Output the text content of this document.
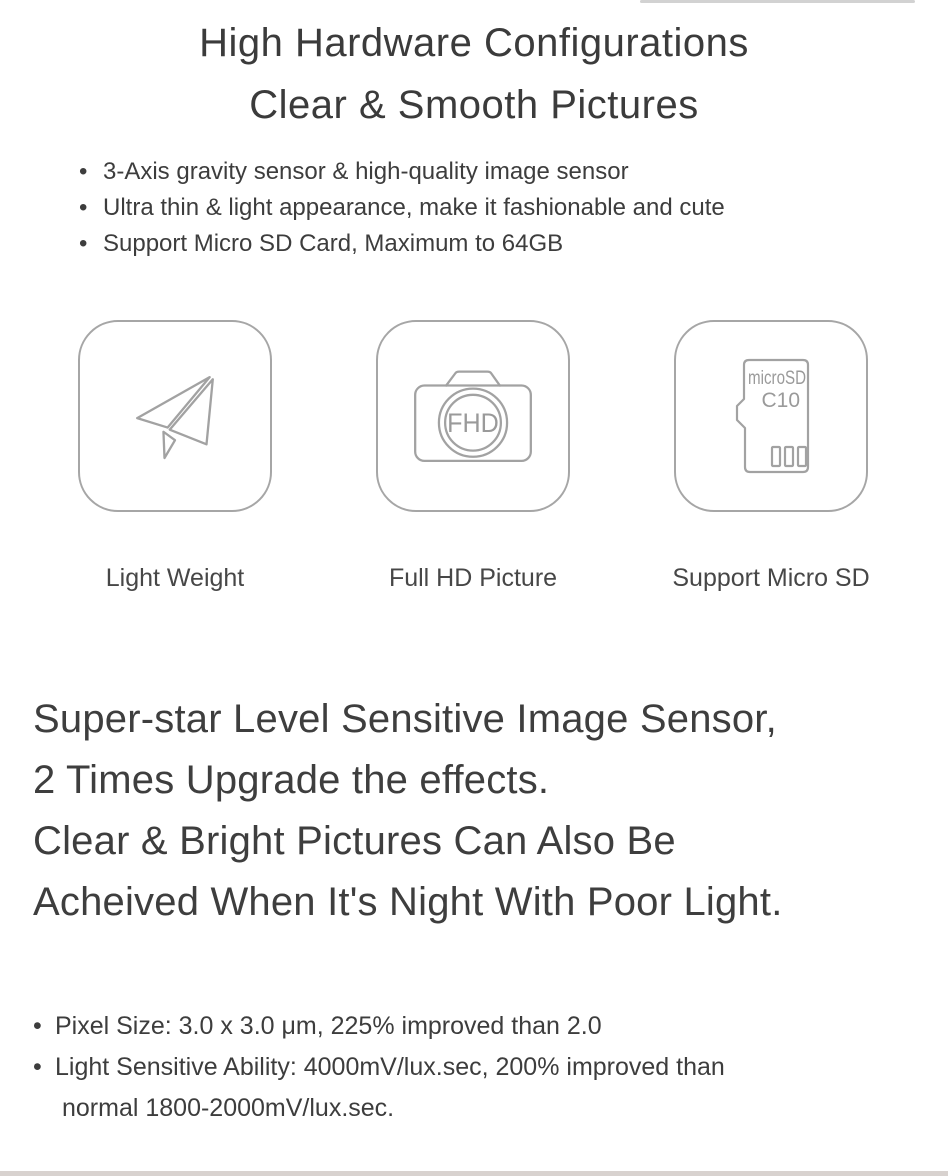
High Hardware Configurations
Clear & Smooth Pictures
• 3-Axis gravity sensor & high-quality image sensor
• Ultra thin & light appearance, make it fashionable and cute
• Support Micro SD Card, Maximum to 64GB
Light Weight
FHD
Full HD Picture
microSD
C10
Support Micro SD
Super-star Level Sensitive Image Sensor,
2 Times Upgrade the effects.
Clear & Bright Pictures Can Also Be
Acheived When It's Night With Poor Light.
• Pixel Size: 3.0 x 3.0 μm, 225% improved than 2.0
• Light Sensitive Ability: 4000mV/lux.sec, 200% improved than
normal 1800-2000mV/lux.sec.
